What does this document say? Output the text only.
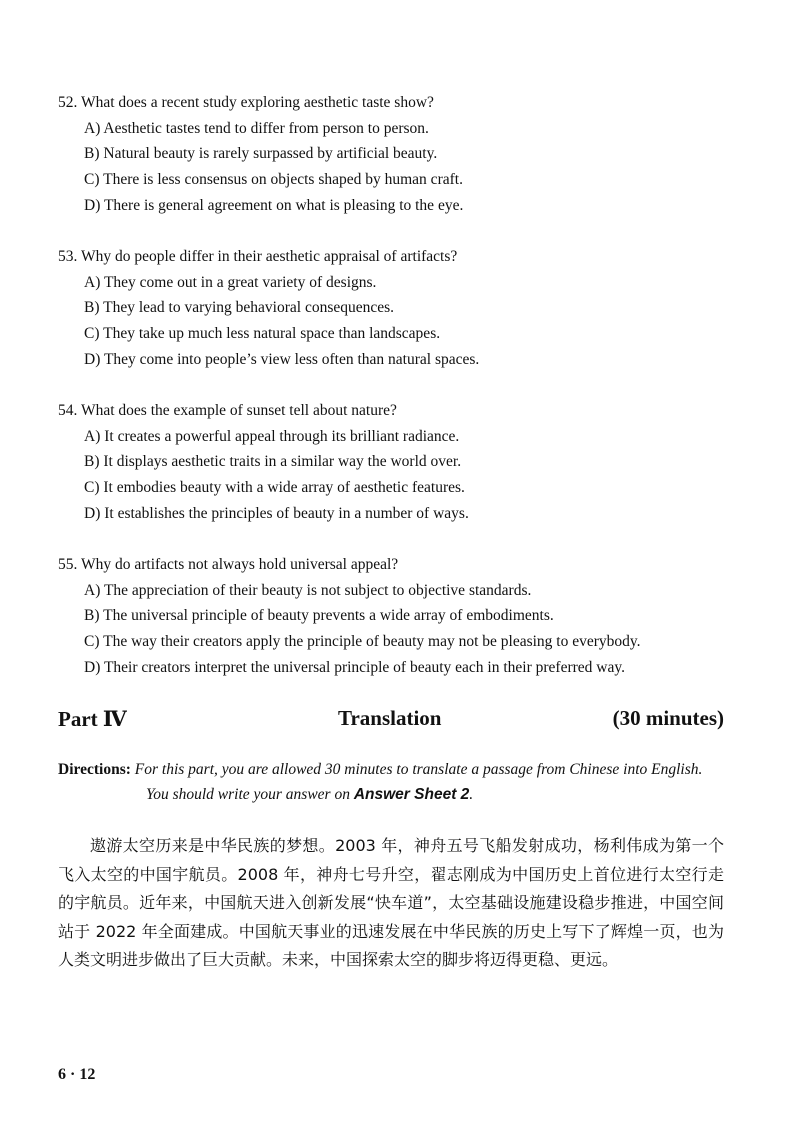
52. What does a recent study exploring aesthetic taste show?
A) Aesthetic tastes tend to differ from person to person.
B) Natural beauty is rarely surpassed by artificial beauty.
C) There is less consensus on objects shaped by human craft.
D) There is general agreement on what is pleasing to the eye.
53. Why do people differ in their aesthetic appraisal of artifacts?
A) They come out in a great variety of designs.
B) They lead to varying behavioral consequences.
C) They take up much less natural space than landscapes.
D) They come into people’s view less often than natural spaces.
54. What does the example of sunset tell about nature?
A) It creates a powerful appeal through its brilliant radiance.
B) It displays aesthetic traits in a similar way the world over.
C) It embodies beauty with a wide array of aesthetic features.
D) It establishes the principles of beauty in a number of ways.
55. Why do artifacts not always hold universal appeal?
A) The appreciation of their beauty is not subject to objective standards.
B) The universal principle of beauty prevents a wide array of embodiments.
C) The way their creators apply the principle of beauty may not be pleasing to everybody.
D) Their creators interpret the universal principle of beauty each in their preferred way.
Part Ⅳ	Translation	(30 minutes)
Directions: For this part, you are allowed 30 minutes to translate a passage from Chinese into English.
You should write your answer on Answer Sheet 2.

遨游太空历来是中华民族的梦想。2003 年，神舟五号飞船发射成功，杨利伟成为第一个飞入太空的中国宇航员。2008 年，神舟七号升空，翟志刚成为中国历史上首位进行太空行走的宇航员。近年来，中国航天进入创新发展“快车道”，太空基础设施建设稳步推进，中国空间站于 2022 年全面建成。中国航天事业的迅速发展在中华民族的历史上写下了辉煌一页，也为人类文明进步做出了巨大贡献。未来，中国探索太空的脚步将迈得更稳、更远。

6 · 12
